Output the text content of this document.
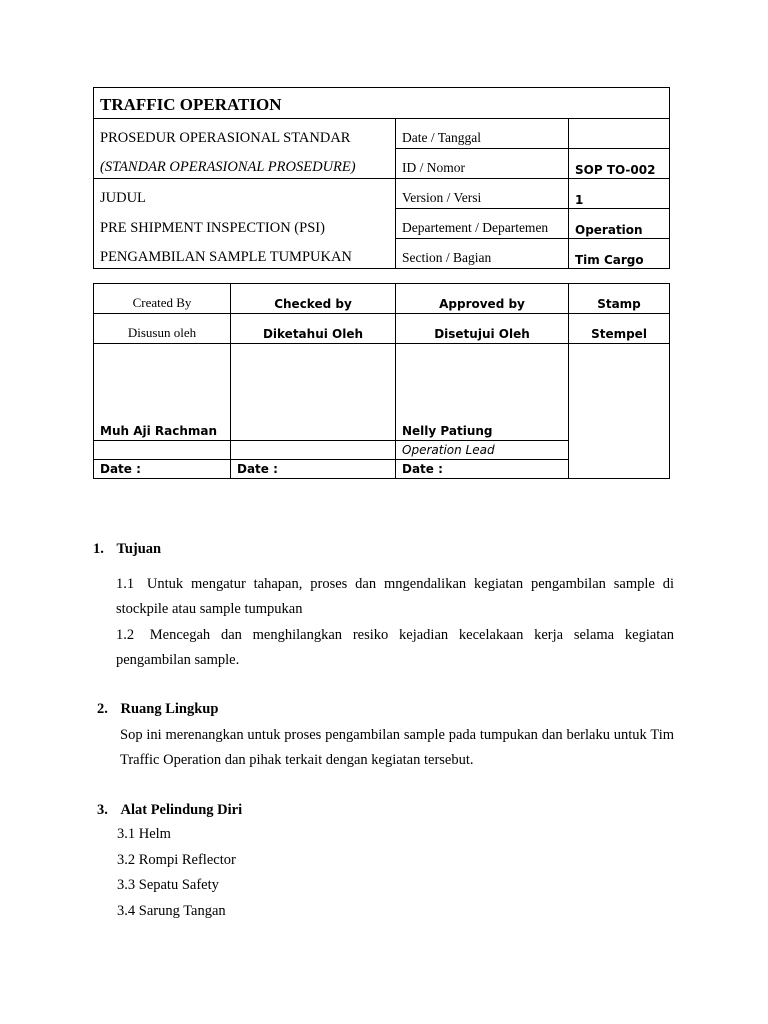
TRAFFIC OPERATION		
PROSEDUR OPERASIONAL STANDAR	Date / Tanggal	
(STANDAR OPERASIONAL PROSEDURE)	ID / Nomor	SOP TO-002
JUDUL	Version / Versi	1
PRE SHIPMENT INSPECTION (PSI)	Departement / Departemen	Operation
PENGAMBILAN SAMPLE TUMPUKAN	Section / Bagian	Tim Cargo
Created By	Checked by	Approved by	Stamp
Disusun oleh	Diketahui Oleh	Disetujui Oleh	Stempel
Muh Aji Rachman		Nelly Patiung	
		Operation Lead	
Date :	Date :	Date :	
1. Tujuan
1.1 Untuk mengatur tahapan, proses dan mngendalikan kegiatan pengambilan sample di stockpile atau sample tumpukan
1.2 Mencegah dan menghilangkan resiko kejadian kecelakaan kerja selama kegiatan pengambilan sample.
2. Ruang Lingkup
Sop ini merenangkan untuk proses pengambilan sample pada tumpukan dan berlaku untuk Tim Traffic Operation dan pihak terkait dengan kegiatan tersebut.
3. Alat Pelindung Diri
3.1 Helm
3.2 Rompi Reflector
3.3 Sepatu Safety
3.4 Sarung Tangan
